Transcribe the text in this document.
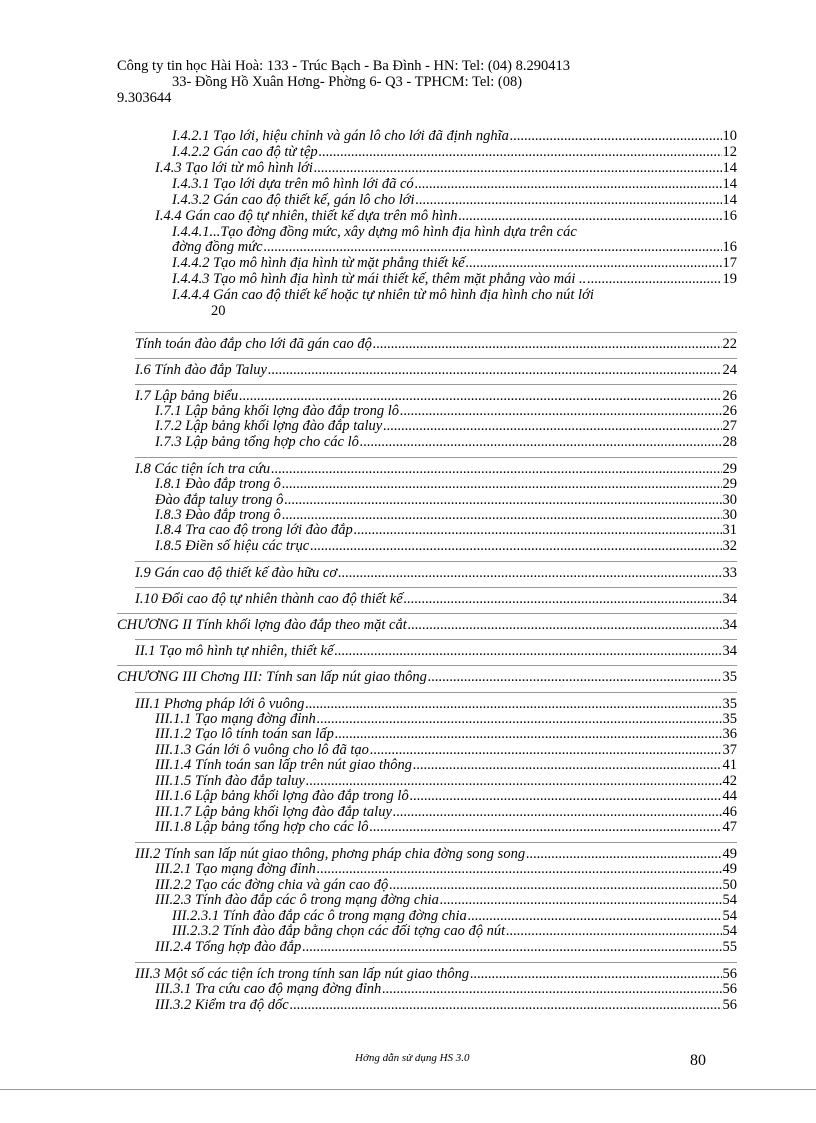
Công ty tin học Hài Hoà: 133 - Trúc Bạch - Ba Đình - HN: Tel: (04) 8.290413
33- Đồng Hồ Xuân Hơng- Phờng 6- Q3 - TPHCM: Tel: (08)
9.303644
I.4.2.1 Tạo lới, hiệu chỉnh và gán lô cho lới đã định nghĩa .....	10
I.4.2.2 Gán cao độ từ tệp .....	12
I.4.3 Tạo lới từ mô hình lới .....	14
I.4.3.1 Tạo lới dựa trên mô hình lới đã có .....	14
I.4.3.2 Gán cao độ thiết kế, gán lô cho lới .....	14
I.4.4 Gán cao độ tự nhiên, thiết kế dựa trên mô hình .....	16
I.4.4.1...Tạo đờng đồng mức, xây dựng mô hình địa hình dựa trên các
đờng đồng mức .....	16
I.4.4.2 Tạo mô hình địa hình từ mặt phẳng thiết kế .....	17
I.4.4.3 Tạo mô hình địa hình từ mái thiết kế, thêm mặt phẳng vào mái .. .....	19
I.4.4.4 Gán cao độ thiết kế hoặc tự nhiên từ mô hình địa hình cho nút lới
20
Tính toán đào đắp cho lới đã gán cao độ .....	22
I.6 Tính đào đắp Taluy .....	24
I.7 Lập bảng biểu .....	26
I.7.1 Lập bảng khối lợng đào đắp trong lô .....	26
I.7.2 Lập bảng khối lợng đào đắp taluy .....	27
I.7.3 Lập bảng tổng hợp cho các lô .....	28
I.8 Các tiện ích tra cứu .....	29
I.8.1 Đào đắp trong ô .....	29
Đào đắp taluy trong ô .....	30
I.8.3 Đào đắp trong ô .....	30
I.8.4 Tra cao độ trong lới đào đắp .....	31
I.8.5 Điền số hiệu các trục .....	32
I.9 Gán cao độ thiết kế đào hữu cơ .....	33
I.10 Đổi cao độ tự nhiên thành cao độ thiết kế .....	34
CHƯƠNG II Tính khối lợng đào đắp theo mặt cắt .....	34
II.1 Tạo mô hình tự nhiên, thiết kế .....	34
CHƯƠNG III Chơng III: Tính san lấp nút giao thông .....	35
III.1 Phơng pháp lới ô vuông .....	35
III.1.1 Tạo mạng đờng đỉnh .....	35
III.1.2 Tạo lô tính toán san lấp .....	36
III.1.3 Gán lới ô vuông cho lô đã tạo .....	37
III.1.4 Tính toán san lấp trên nút giao thông .....	41
III.1.5 Tính đào đắp taluy .....	42
III.1.6 Lập bảng khối lợng đào đắp trong lô .....	44
III.1.7 Lập bảng khối lợng đào đắp taluy .....	46
III.1.8 Lập bảng tổng hợp cho các lô .....	47
III.2 Tính san lấp nút giao thông, phơng pháp chia đờng song song .....	49
III.2.1 Tạo mạng đờng đỉnh .....	49
III.2.2 Tạo các đờng chia và gán cao độ .....	50
III.2.3 Tính đào đắp các ô trong mạng đờng chia .....	54
III.2.3.1 Tính đào đắp các ô trong mạng đờng chia .....	54
III.2.3.2 Tính đào đắp bằng chọn các đối tợng cao độ nút .....	54
III.2.4 Tổng hợp đào đắp .....	55
III.3 Một số các tiện ích trong tính san lấp nút giao thông .....	56
III.3.1 Tra cứu cao độ mạng đờng đỉnh .....	56
III.3.2 Kiểm tra độ dốc .....	56
Hớng dẫn sử dụng HS 3.0	80
